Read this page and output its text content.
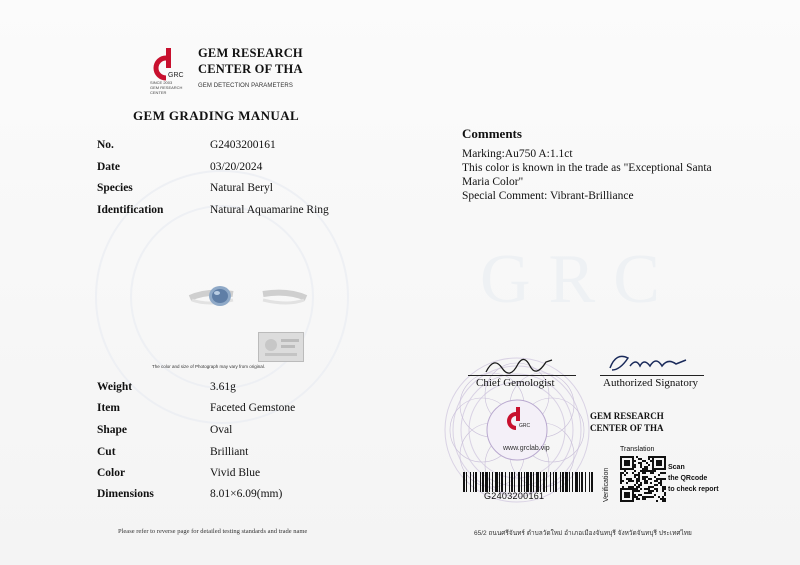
GRC
GRC
SINCE 2003
GEM RESEARCH CENTER
GEM RESEARCH
CENTER OF THA
GEM DETECTION PARAMETERS
GEM GRADING MANUAL
No.	G2403200161
Date	03/20/2024
Species	Natural Beryl
Identification	Natural Aquamarine Ring
The color and size of Photograph may vary from original.
Weight	3.61g
Item	Faceted Gemstone
Shape	Oval
Cut	Brilliant
Color	Vivid Blue
Dimensions	8.01×6.09(mm)
Comments
Marking:Au750 A:1.1ct
This color is known in the trade as "Exceptional Santa
Maria Color"
Special Comment: Vibrant-Brilliance
GRC
www.grclab.vip
Chief Gemologist	Authorized Signatory
GEM RESEARCH
CENTER OF THA
G2403200161
Translation
Verification
Scan
the QRcode
to check report
Please refer to reverse page for detailed testing standards and trade name	65/2 ถนนศรีจันทร์ ตำบลวัดใหม่ อำเภอเมืองจันทบุรี จังหวัดจันทบุรี ประเทศไทย
